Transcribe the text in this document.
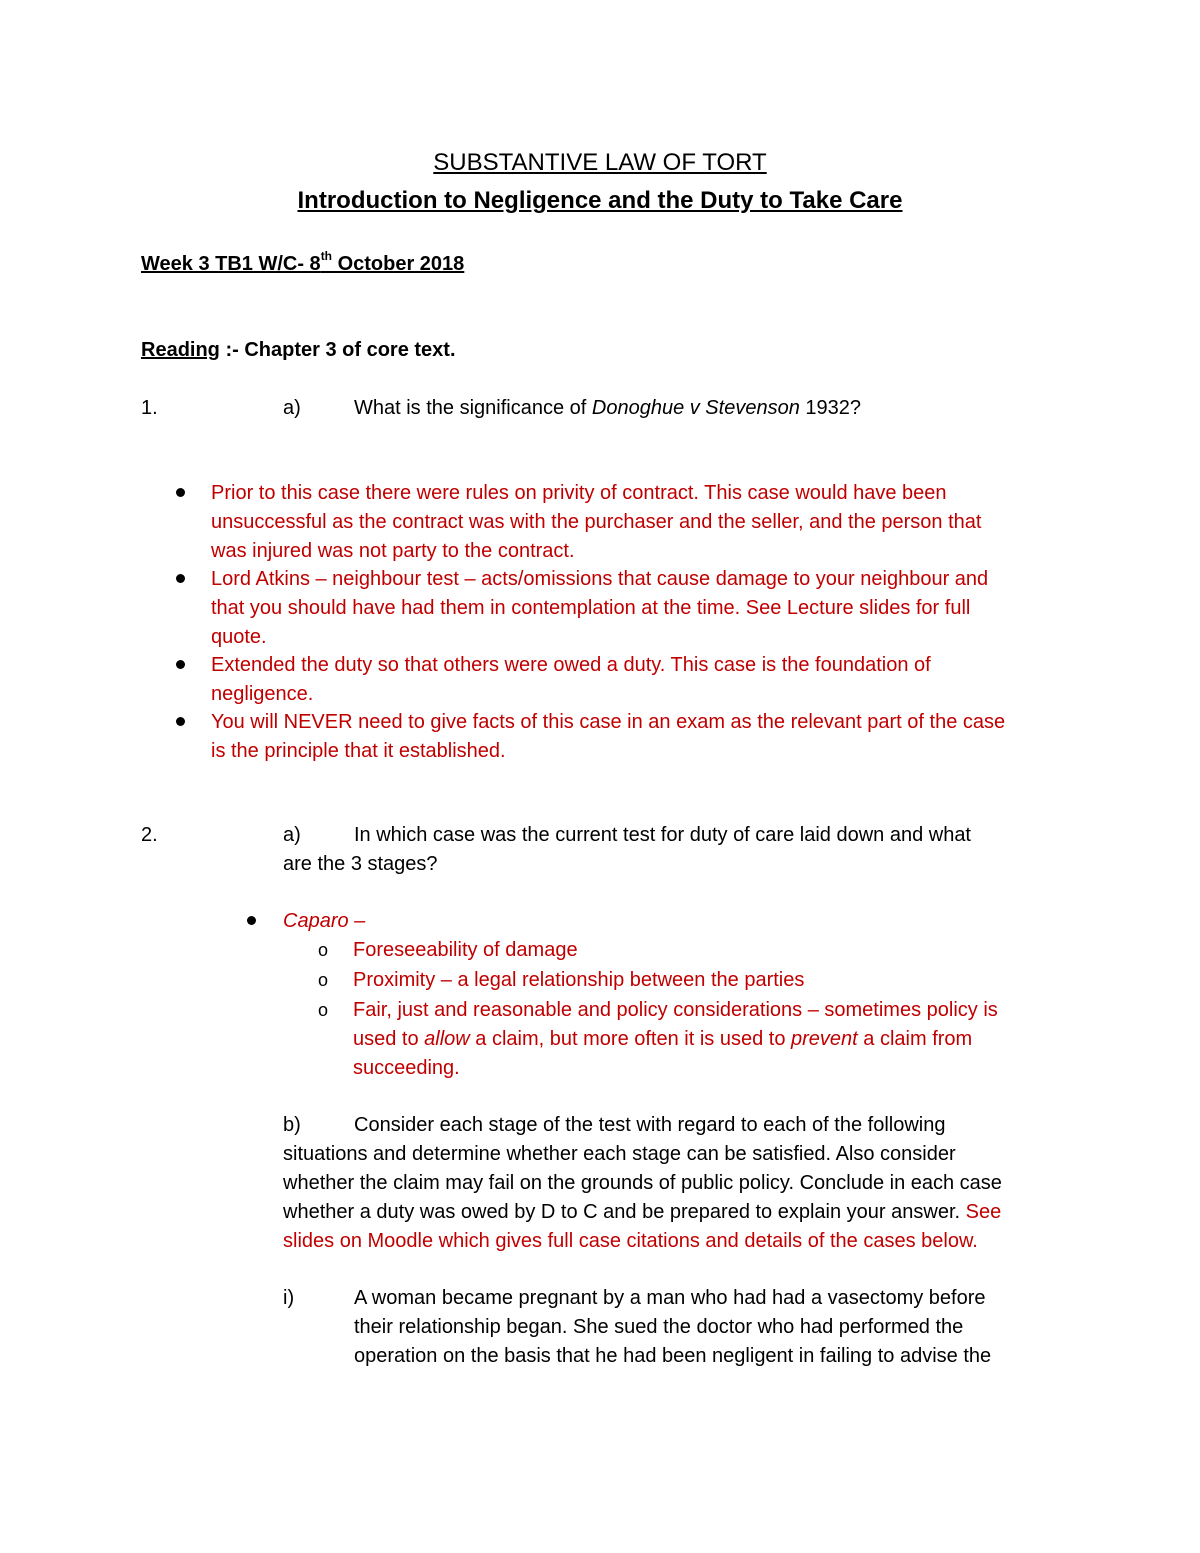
SUBSTANTIVE LAW OF TORT
Introduction to Negligence and the Duty to Take Care
Week 3 TB1 W/C- 8th October 2018
Reading :- Chapter 3 of core text.
1.	a)	What is the significance of Donoghue v Stevenson 1932?
Prior to this case there were rules on privity of contract. This case would have been
unsuccessful as the contract was with the purchaser and the seller, and the person that
was injured was not party to the contract.
Lord Atkins – neighbour test – acts/omissions that cause damage to your neighbour and
that you should have had them in contemplation at the time. See Lecture slides for full
quote.
Extended the duty so that others were owed a duty. This case is the foundation of
negligence.
You will NEVER need to give facts of this case in an exam as the relevant part of the case
is the principle that it established.
2.	a)	In which case was the current test for duty of care laid down and what
are the 3 stages?
Caparo –
o Foreseeability of damage
o Proximity – a legal relationship between the parties
o Fair, just and reasonable and policy considerations – sometimes policy is
used to allow a claim, but more often it is used to prevent a claim from
succeeding.
b)	Consider each stage of the test with regard to each of the following
situations and determine whether each stage can be satisfied. Also consider
whether the claim may fail on the grounds of public policy. Conclude in each case
whether a duty was owed by D to C and be prepared to explain your answer. See
slides on Moodle which gives full case citations and details of the cases below.
i)	A woman became pregnant by a man who had had a vasectomy before
their relationship began. She sued the doctor who had performed the
operation on the basis that he had been negligent in failing to advise the
